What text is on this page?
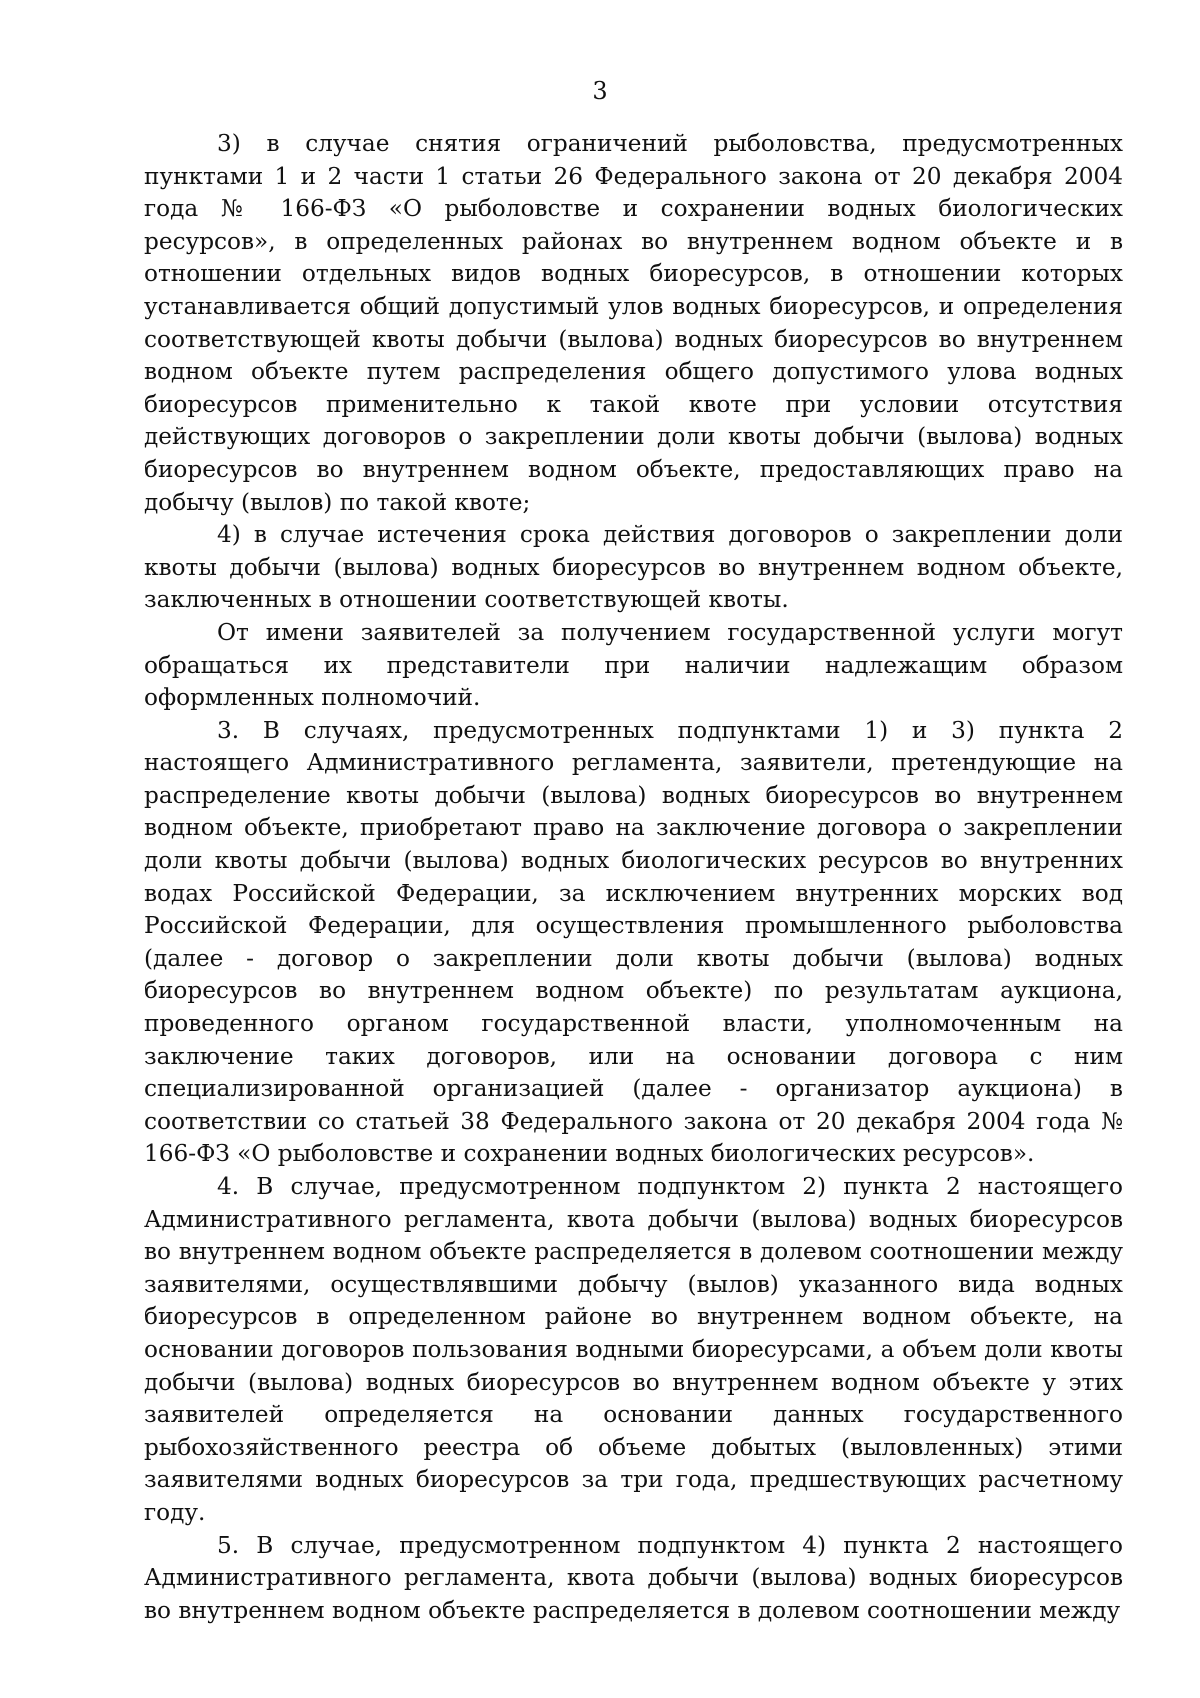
3

3) в случае снятия ограничений рыболовства, предусмотренных пунктами 1 и 2 части 1 статьи 26 Федерального закона от 20 декабря 2004 года № 166-ФЗ «О рыболовстве и сохранении водных биологических ресурсов», в определенных районах во внутреннем водном объекте и в отношении отдельных видов водных биоресурсов, в отношении которых устанавливается общий допустимый улов водных биоресурсов, и определения соответствующей квоты добычи (вылова) водных биоресурсов во внутреннем водном объекте путем распределения общего допустимого улова водных биоресурсов применительно к такой квоте при условии отсутствия действующих договоров о закреплении доли квоты добычи (вылова) водных биоресурсов во внутреннем водном объекте, предоставляющих право на добычу (вылов) по такой квоте;

4) в случае истечения срока действия договоров о закреплении доли квоты добычи (вылова) водных биоресурсов во внутреннем водном объекте, заключенных в отношении соответствующей квоты.

От имени заявителей за получением государственной услуги могут обращаться их представители при наличии надлежащим образом оформленных полномочий.

3. В случаях, предусмотренных подпунктами 1) и 3) пункта 2 настоящего Административного регламента, заявители, претендующие на распределение квоты добычи (вылова) водных биоресурсов во внутреннем водном объекте, приобретают право на заключение договора о закреплении доли квоты добычи (вылова) водных биологических ресурсов во внутренних водах Российской Федерации, за исключением внутренних морских вод Российской Федерации, для осуществления промышленного рыболовства (далее - договор о закреплении доли квоты добычи (вылова) водных биоресурсов во внутреннем водном объекте) по результатам аукциона, проведенного органом государственной власти, уполномоченным на заключение таких договоров, или на основании договора с ним специализированной организацией (далее - организатор аукциона) в соответствии со статьей 38 Федерального закона от 20 декабря 2004 года № 166-ФЗ «О рыболовстве и сохранении водных биологических ресурсов».

4. В случае, предусмотренном подпунктом 2) пункта 2 настоящего Административного регламента, квота добычи (вылова) водных биоресурсов во внутреннем водном объекте распределяется в долевом соотношении между заявителями, осуществлявшими добычу (вылов) указанного вида водных биоресурсов в определенном районе во внутреннем водном объекте, на основании договоров пользования водными биоресурсами, а объем доли квоты добычи (вылова) водных биоресурсов во внутреннем водном объекте у этих заявителей определяется на основании данных государственного рыбохозяйственного реестра об объеме добытых (выловленных) этими заявителями водных биоресурсов за три года, предшествующих расчетному году.

5. В случае, предусмотренном подпунктом 4) пункта 2 настоящего Административного регламента, квота добычи (вылова) водных биоресурсов во внутреннем водном объекте распределяется в долевом соотношении между
